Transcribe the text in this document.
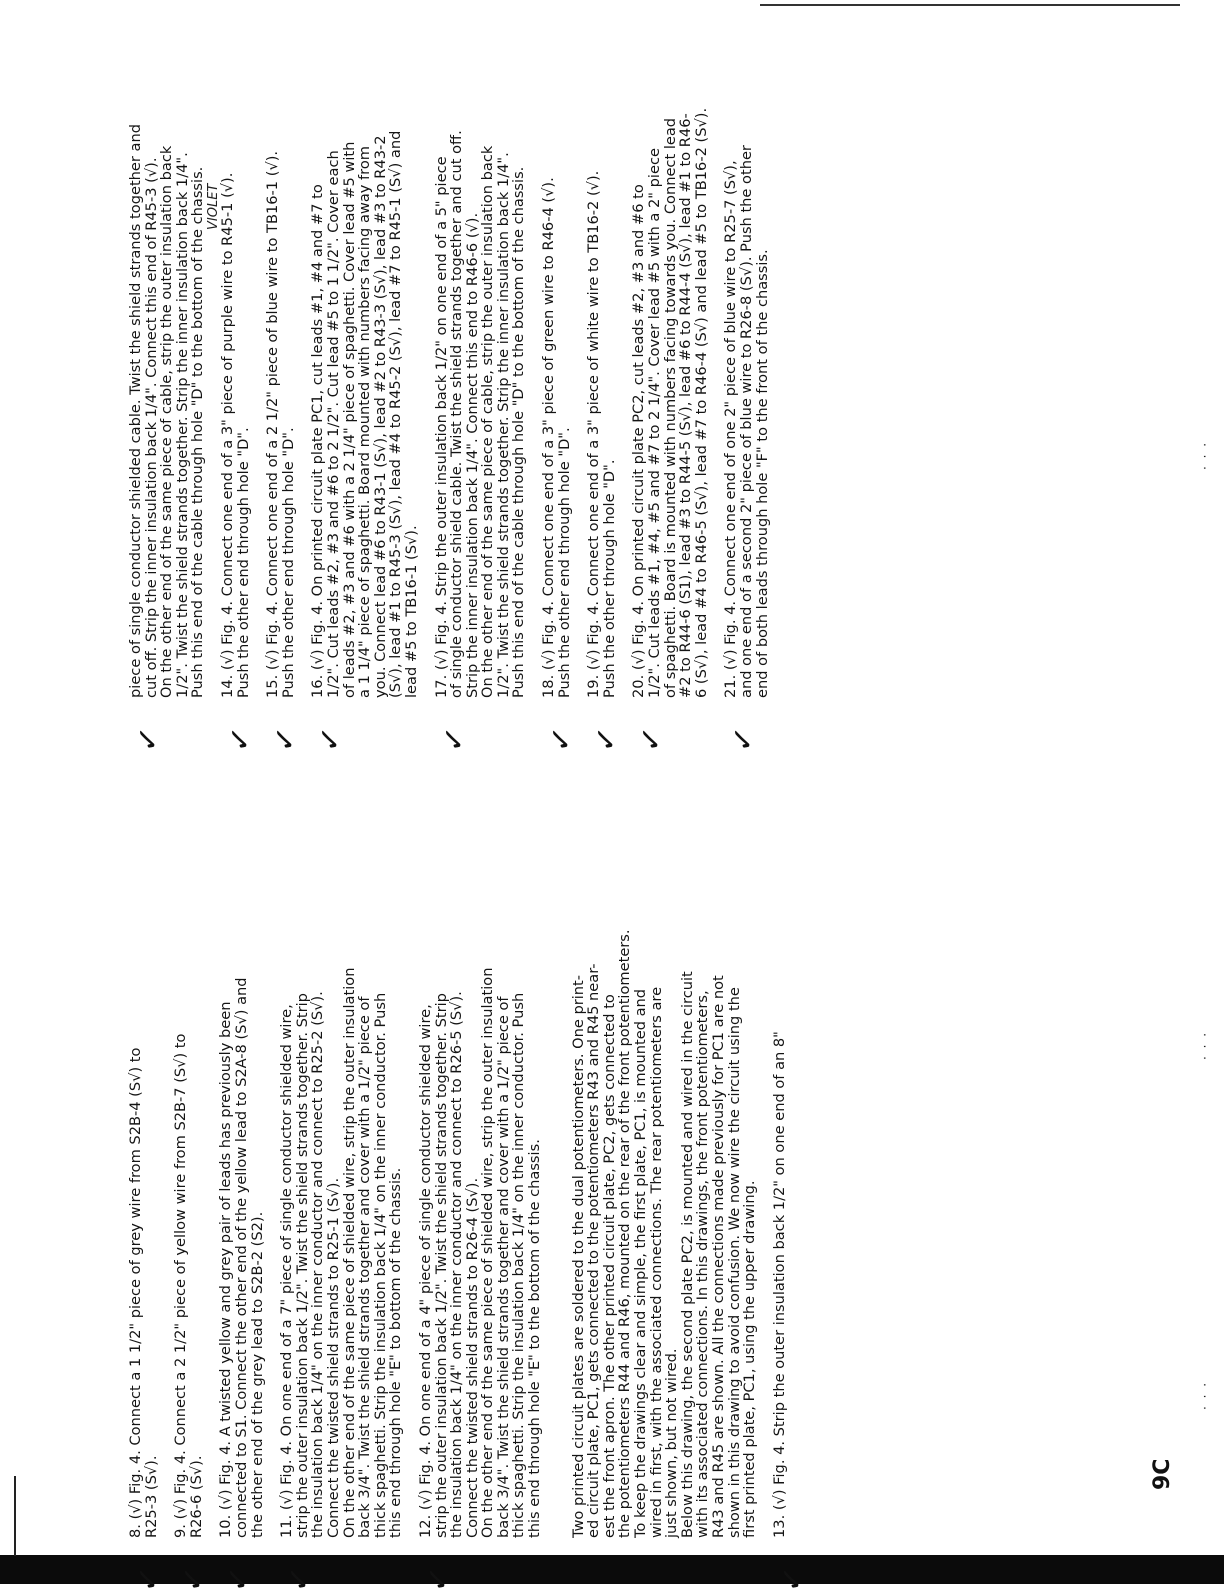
· · ·
· · ·
· · ·
✓
8. (√) Fig. 4. Connect a 1 1/2" piece of grey wire from S2B-4 (S√) to
R25-3 (S√).
✓
9. (√) Fig. 4. Connect a 2 1/2" piece of yellow wire from S2B-7 (S√) to
R26-6 (S√).
✓
10. (√) Fig. 4. A twisted yellow and grey pair of leads has previously been
connected to S1. Connect the other end of the yellow lead to S2A-8 (S√) and
the other end of the grey lead to S2B-2 (S2).
✓
11. (√) Fig. 4. On one end of a 7" piece of single conductor shielded wire,
strip the outer insulation back 1/2". Twist the shield strands together. Strip
the insulation back 1/4" on the inner conductor and connect to R25-2 (S√).
Connect the twisted shield strands to R25-1 (S√).
On the other end of the same piece of shielded wire, strip the outer insulation
back 3/4". Twist the shield strands together and cover with a 1/2" piece of
thick spaghetti. Strip the insulation back 1/4" on the inner conductor. Push
this end through hole "E" to bottom of the chassis.
✓
12. (√) Fig. 4. On one end of a 4" piece of single conductor shielded wire,
strip the outer insulation back 1/2". Twist the shield strands together. Strip
the insulation back 1/4" on the inner conductor and connect to R26-5 (S√).
Connect the twisted shield strands to R26-4 (S√).
On the other end of the same piece of shielded wire, strip the outer insulation
back 3/4". Twist the shield strands together and cover with a 1/2" piece of
thick spaghetti. Strip the insulation back 1/4" on the inner conductor. Push
this end through hole "E" to the bottom of the chassis. Two printed circuit plates are soldered to the dual potentiometers. One print-
ed circuit plate, PC1, gets connected to the potentiometers R43 and R45 near-
est the front apron. The other printed circuit plate, PC2, gets connected to
the potentiometers R44 and R46, mounted on the rear of the front potentiometers.
To keep the drawings clear and simple, the first plate, PC1, is mounted and
wired in first, with the associated connections. The rear potentiometers are
just shown, but not wired.
Below this drawing, the second plate PC2, is mounted and wired in the circuit
with its associated connections. In this drawings, the front potentiometers,
R43 and R45 are shown. All the connections made previously for PC1 are not
shown in this drawing to avoid confusion. We now wire the circuit using the
first printed plate, PC1, using the upper drawing.
✓
13. (√) Fig. 4. Strip the outer insulation back 1/2" on one end of an 8"	9C
✓
piece of single conductor shielded cable. Twist the shield strands together and
cut off. Strip the inner insulation back 1/4". Connect this end of R45-3 (√).
On the other end of the same piece of cable, strip the outer insulation back
1/2". Twist the shield strands together. Strip the inner insulation back 1/4".
Push this end of the cable through hole "D" to the bottom of the chassis.
✓
VIOLET
14. (√) Fig. 4. Connect one end of a 3" piece of purple wire to R45-1 (√).
Push the other end through hole "D".
✓
15. (√) Fig. 4. Connect one end of a 2 1/2" piece of blue wire to TB16-1 (√).
Push the other end through hole "D".
✓
16. (√) Fig. 4. On printed circuit plate PC1, cut leads #1, #4 and #7 to
1/2". Cut leads #2, #3 and #6 to 2 1/2". Cut lead #5 to 1 1/2". Cover each
of leads #2, #3 and #6 with a 2 1/4" piece of spaghetti. Cover lead #5 with
a 1 1/4" piece of spaghetti. Board mounted with numbers facing away from
you. Connect lead #6 to R43-1 (S√), lead #2 to R43-3 (S√), lead #3 to R43-2
(S√), lead #1 to R45-3 (S√), lead #4 to R45-2 (S√), lead #7 to R45-1 (S√) and
lead #5 to TB16-1 (S√).
✓
17. (√) Fig. 4. Strip the outer insulation back 1/2" on one end of a 5" piece
of single conductor shield cable. Twist the shield strands together and cut off.
Strip the inner insulation back 1/4". Connect this end to R46-6 (√).
On the other end of the same piece of cable, strip the outer insulation back
1/2". Twist the shield strands together. Strip the inner insulation back 1/4".
Push this end of the cable through hole "D" to the bottom of the chassis.
✓
18. (√) Fig. 4. Connect one end of a 3" piece of green wire to R46-4 (√).
Push the other end through hole "D".
✓
19. (√) Fig. 4. Connect one end of a 3" piece of white wire to TB16-2 (√).
Push the other through hole "D".
✓
20. (√) Fig. 4. On printed circuit plate PC2, cut leads #2, #3 and #6 to
1/2". Cut leads #1, #4, #5 and #7 to 2 1/4". Cover lead #5 with a 2" piece
of spaghetti. Board is mounted with numbers facing towards you. Connect lead
#2 to R44-6 (S1), lead #3 to R44-5 (S√), lead #6 to R44-4 (S√), lead #1 to R46-
6 (S√), lead #4 to R46-5 (S√), lead #7 to R46-4 (S√) and lead #5 to TB16-2 (S√).
✓
21. (√) Fig. 4. Connect one end of one 2" piece of blue wire to R25-7 (S√),
and one end of a second 2" piece of blue wire to R26-8 (S√). Push the other
end of both leads through hole "F" to the front of the chassis.
